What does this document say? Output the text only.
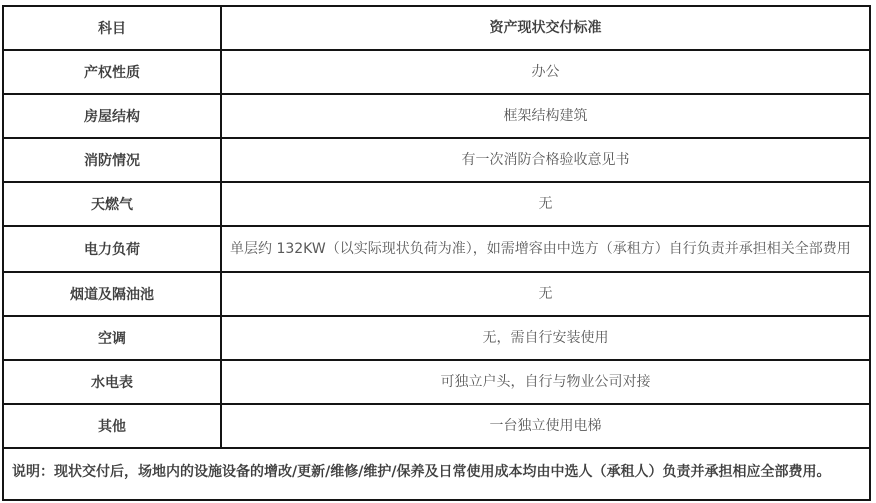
科目	资产现状交付标准
产权性质	办公
房屋结构	框架结构建筑
消防情况	有一次消防合格验收意见书
天燃气	无
电力负荷	单层约 132KW（以实际现状负荷为准），如需增容由中选方（承租方）自行负责并承担相关全部费用
烟道及隔油池	无
空调	无，需自行安装使用
水电表	可独立户头，自行与物业公司对接
其他	一台独立使用电梯
说明：现状交付后，场地内的设施设备的增改/更新/维修/维护/保养及日常使用成本均由中选人（承租人）负责并承担相应全部费用。	
